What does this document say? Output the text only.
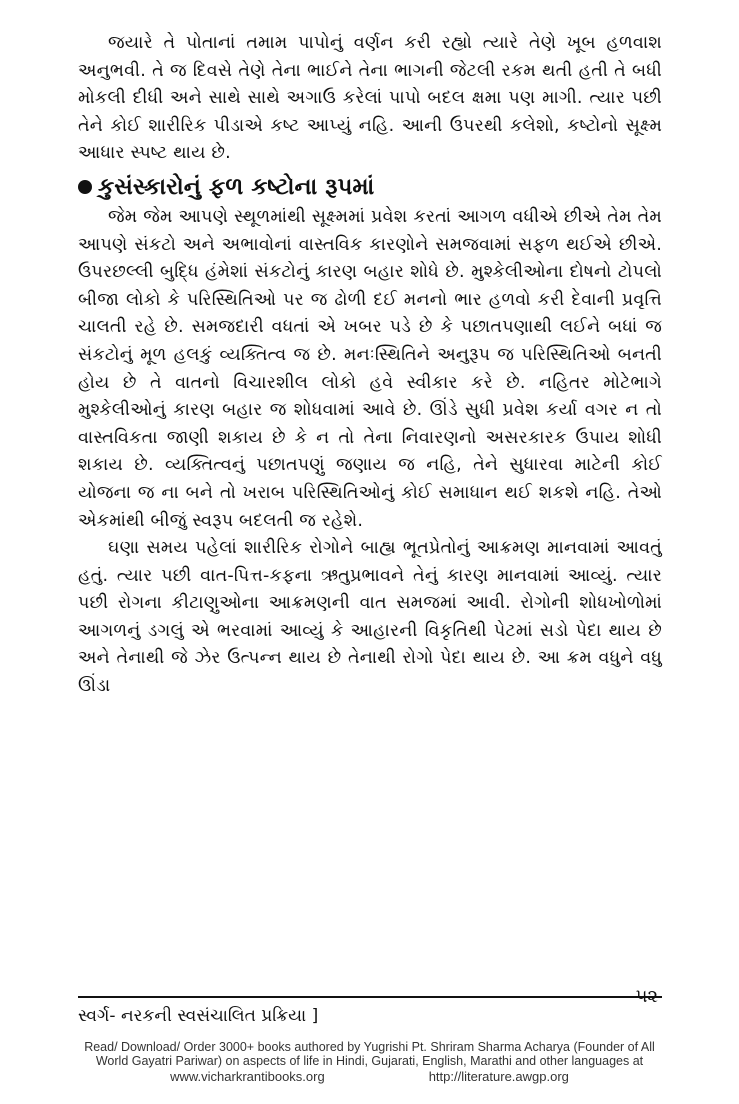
જયારે તે પોતાનાં તમામ પાપોનું વર્ણન કરી રહ્યો ત્યારે તેણે ખૂબ હળવાશ અનુભવી. તે જ દિવસે તેણે તેના ભાઈને તેના ભાગની જેટલી રકમ થતી હતી તે બધી મોકલી દીધી અને સાથે સાથે અગાઉ કરેલાં પાપો બદલ ક્ષમા પણ માગી. ત્યાર પછી તેને કોઈ શારીરિક પીડાએ કષ્ટ આપ્યું નહિ. આની ઉપરથી કલેશો, કષ્ટોનો સૂક્ષ્મ આધાર સ્પષ્ટ થાય છે.

કુસંસ્કારોનું ફળ કષ્ટોના રૂપમાં

જેમ જેમ આપણે સ્થૂળમાંથી સૂક્ષ્મમાં પ્રવેશ કરતાં આગળ વધીએ છીએ તેમ તેમ આપણે સંકટો અને અભાવોનાં વાસ્તવિક કારણોને સમજવામાં સફળ થઈએ છીએ. ઉપરછલ્લી બુદ્ધિ હંમેશાં સંકટોનું કારણ બહાર શોધે છે. મુશ્કેલીઓના દોષનો ટોપલો બીજા લોકો કે પરિસ્થિતિઓ પર જ ઢોળી દઈ મનનો ભાર હળવો કરી દેવાની પ્રવૃત્તિ ચાલતી રહે છે. સમજદારી વધતાં એ ખબર પડે છે કે પછાતપણાથી લઈને બધાં જ સંકટોનું મૂળ હલકું વ્યક્તિત્વ જ છે. મનઃસ્થિતિને અનુરૂપ જ પરિસ્થિતિઓ બનતી હોય છે તે વાતનો વિચારશીલ લોકો હવે સ્વીકાર કરે છે. નહિતર મોટેભાગે મુશ્કેલીઓનું કારણ બહાર જ શોધવામાં આવે છે. ઊંડે સુધી પ્રવેશ કર્યા વગર ન તો વાસ્તવિકતા જાણી શકાય છે કે ન તો તેના નિવારણનો અસરકારક ઉપાય શોધી શકાય છે. વ્યક્તિત્વનું પછાતપણું જણાય જ નહિ, તેને સુધારવા માટેની કોઈ યોજના જ ના બને તો ખરાબ પરિસ્થિતિઓનું કોઈ સમાધાન થઈ શકશે નહિ. તેઓ એકમાંથી બીજું સ્વરૂપ બદલતી જ રહેશે.

ઘણા સમય પહેલાં શારીરિક રોગોને બાહ્ય ભૂતપ્રેતોનું આક્રમણ માનવામાં આવતું હતું. ત્યાર પછી વાત-પિત્ત-કફના ઋતુપ્રભાવને તેનું કારણ માનવામાં આવ્યું. ત્યાર પછી રોગના કીટાણુઓના આક્રમણની વાત સમજમાં આવી. રોગોની શોધખોળોમાં આગળનું ડગલું એ ભરવામાં આવ્યું કે આહારની વિકૃતિથી પેટમાં સડો પેદા થાય છે અને તેનાથી જે ઝેર ઉત્પન્ન થાય છે તેનાથી રોગો પેદા થાય છે. આ ક્રમ વધુને વધુ ઊંડા

સ્વર્ગ- નરકની સ્વસંચાલિત પ્રક્રિયા ]
૫૨
Read/ Download/ Order 3000+ books authored by Yugrishi Pt. Shriram Sharma Acharya (Founder of All
World Gayatri Pariwar) on aspects of life in Hindi, Gujarati, English, Marathi and other languages at
www.vicharkrantibooks.org	http://literature.awgp.org
